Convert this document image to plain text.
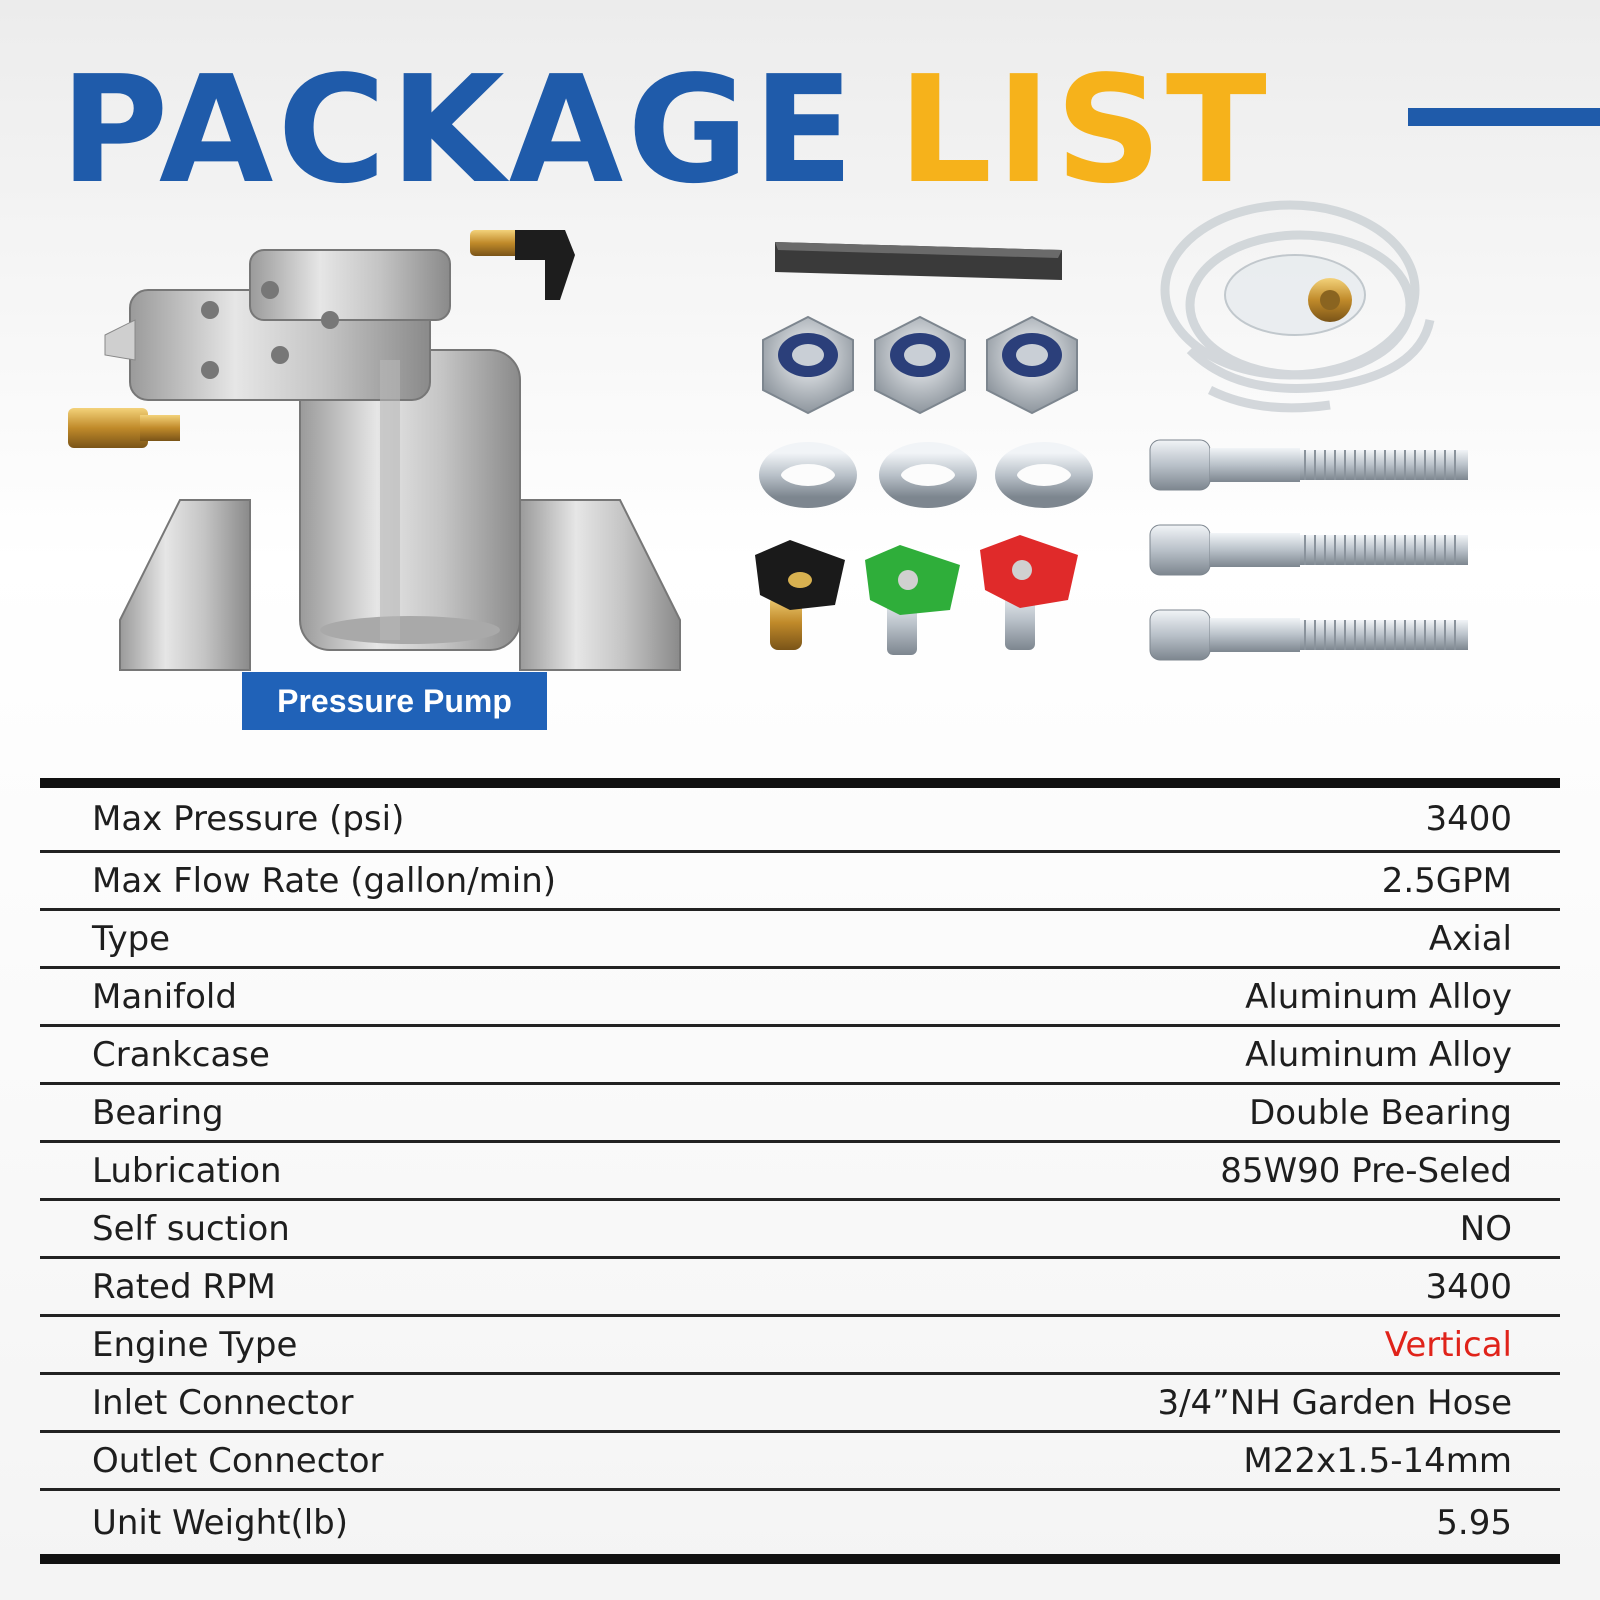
PACKAGE LIST
Pressure Pump
Max Pressure (psi)	3400
Max Flow Rate (gallon/min)	2.5GPM
Type	Axial
Manifold	Aluminum Alloy
Crankcase	Aluminum Alloy
Bearing	Double Bearing
Lubrication	85W90 Pre-Seled
Self suction	NO
Rated RPM	3400
Engine Type	Vertical
Inlet Connector	3/4”NH Garden Hose
Outlet Connector	M22x1.5-14mm
Unit Weight(lb)	5.95
